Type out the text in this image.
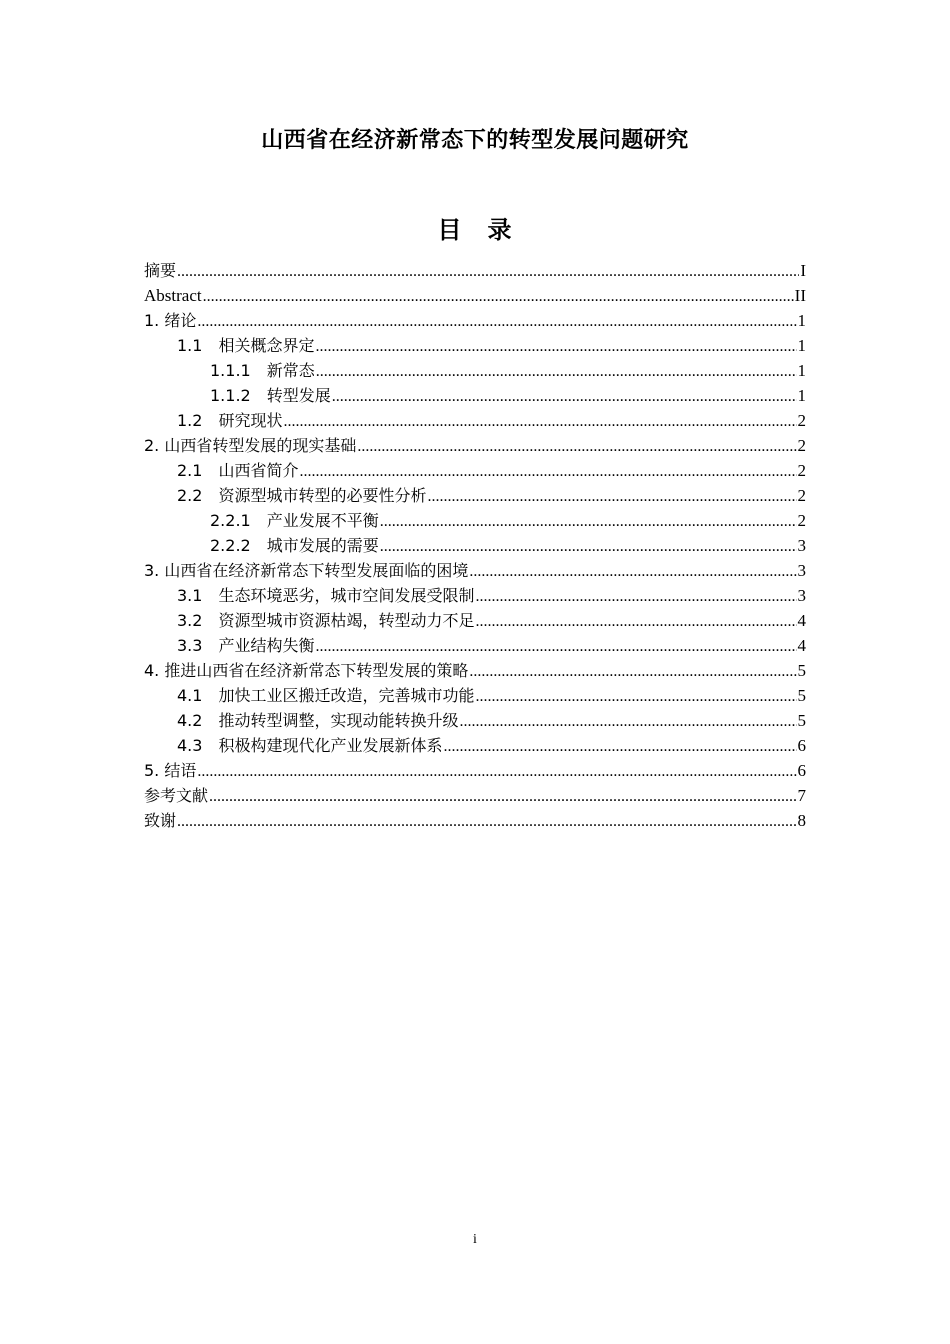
山西省在经济新常态下的转型发展问题研究
目　录
摘要 .....	I
Abstract .....	II
1. 绪论 .....	1
1.1　相关概念界定 .....	1
1.1.1　新常态 .....	1
1.1.2　转型发展 .....	1
1.2　研究现状 .....	2
2. 山西省转型发展的现实基础 .....	2
2.1　山西省简介 .....	2
2.2　资源型城市转型的必要性分析 .....	2
2.2.1　产业发展不平衡 .....	2
2.2.2　城市发展的需要 .....	3
3. 山西省在经济新常态下转型发展面临的困境 .....	3
3.1　生态环境恶劣，城市空间发展受限制 .....	3
3.2　资源型城市资源枯竭，转型动力不足 .....	4
3.3　产业结构失衡 .....	4
4. 推进山西省在经济新常态下转型发展的策略 .....	5
4.1　加快工业区搬迁改造，完善城市功能 .....	5
4.2　推动转型调整，实现动能转换升级 .....	5
4.3　积极构建现代化产业发展新体系 .....	6
5. 结语 .....	6
参考文献 .....	7
致谢 .....	8
i
